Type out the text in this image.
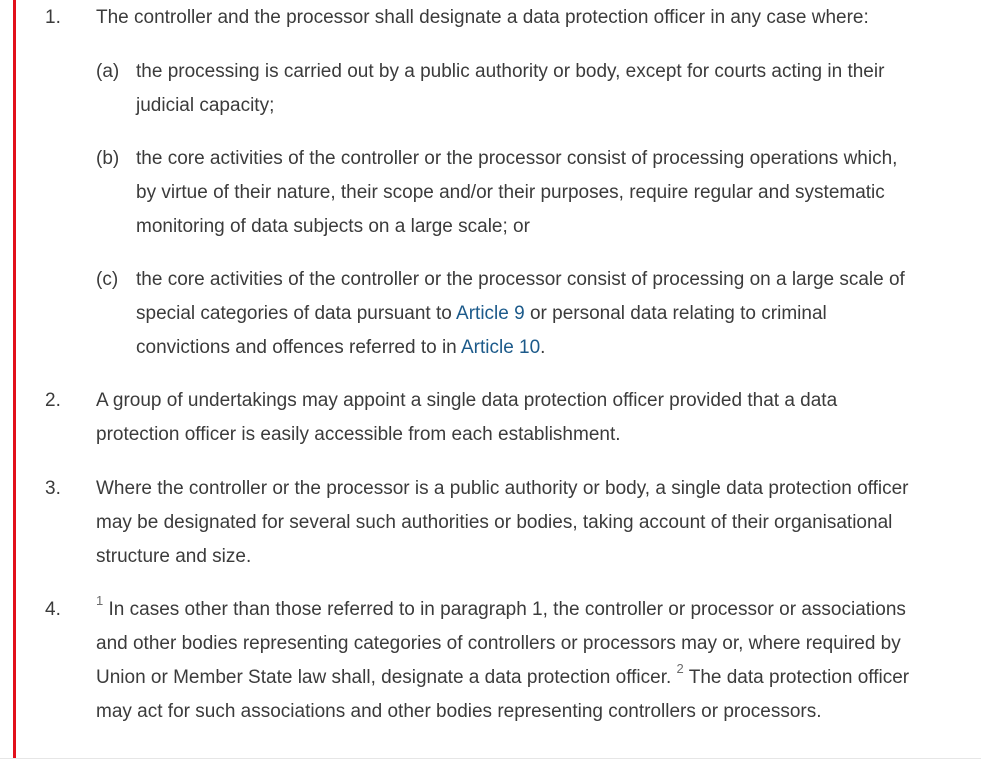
1. The controller and the processor shall designate a data protection officer in any case where:
(a) the processing is carried out by a public authority or body, except for courts acting in their judicial capacity;
(b) the core activities of the controller or the processor consist of processing operations which, by virtue of their nature, their scope and/or their purposes, require regular and systematic monitoring of data subjects on a large scale; or
(c) the core activities of the controller or the processor consist of processing on a large scale of special categories of data pursuant to Article 9 or personal data relating to criminal convictions and offences referred to in Article 10.
2. A group of undertakings may appoint a single data protection officer provided that a data protection officer is easily accessible from each establishment.
3. Where the controller or the processor is a public authority or body, a single data protection officer may be designated for several such authorities or bodies, taking account of their organisational structure and size.
4.	$^1$ In cases other than those referred to in paragraph 1, the controller or processor or associations and other bodies representing categories of controllers or processors may or, where required by Union or Member State law shall, designate a data protection officer. $^2$ The data protection officer may act for such associations and other bodies representing controllers or processors.
